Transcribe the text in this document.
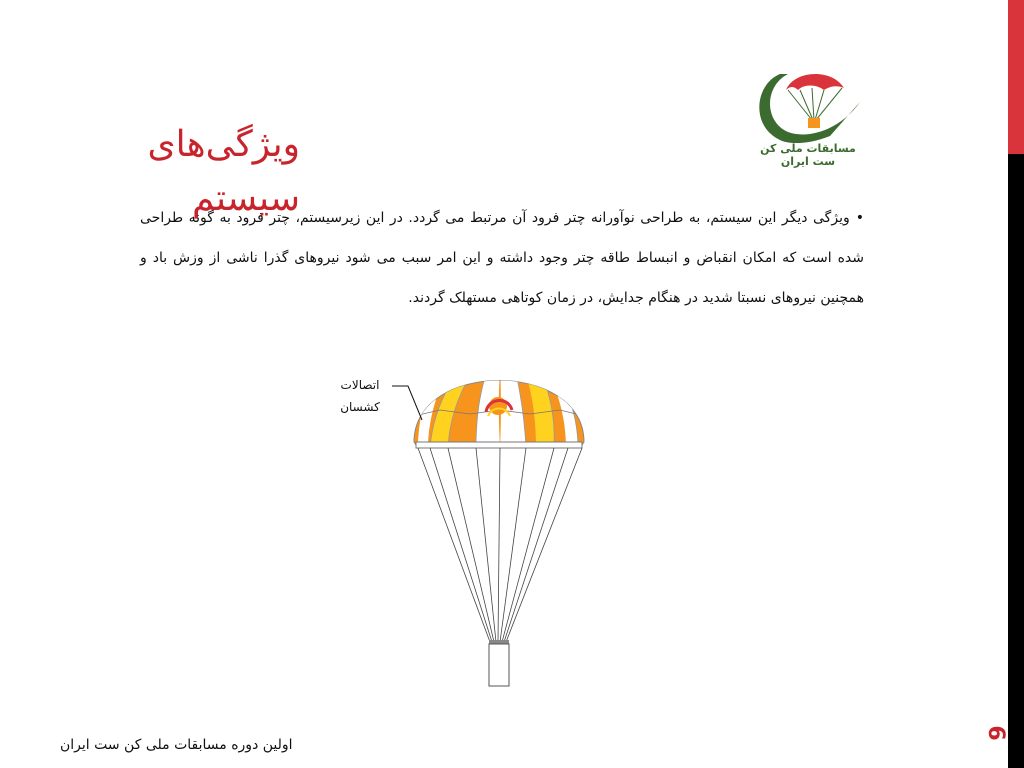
ویژگی‌های سیستم
مسابقات ملی کن ست ایران
•ویژگی دیگر این سیستم، به طراحی نوآورانه چتر فرود آن مرتبط می گردد. در این زیرسیستم، چتر فرود به گونه طراحی شده است که امکان انقباض و انبساط طاقه چتر وجود داشته و این امر سبب می شود نیروهای گذرا ناشی از وزش باد و همچنین نیروهای نسبتا شدید در هنگام جدایش، در زمان کوتاهی مستهلک گردند.
اتصالات
کشسان
اولین دوره مسابقات ملی کن ست ایران
6
